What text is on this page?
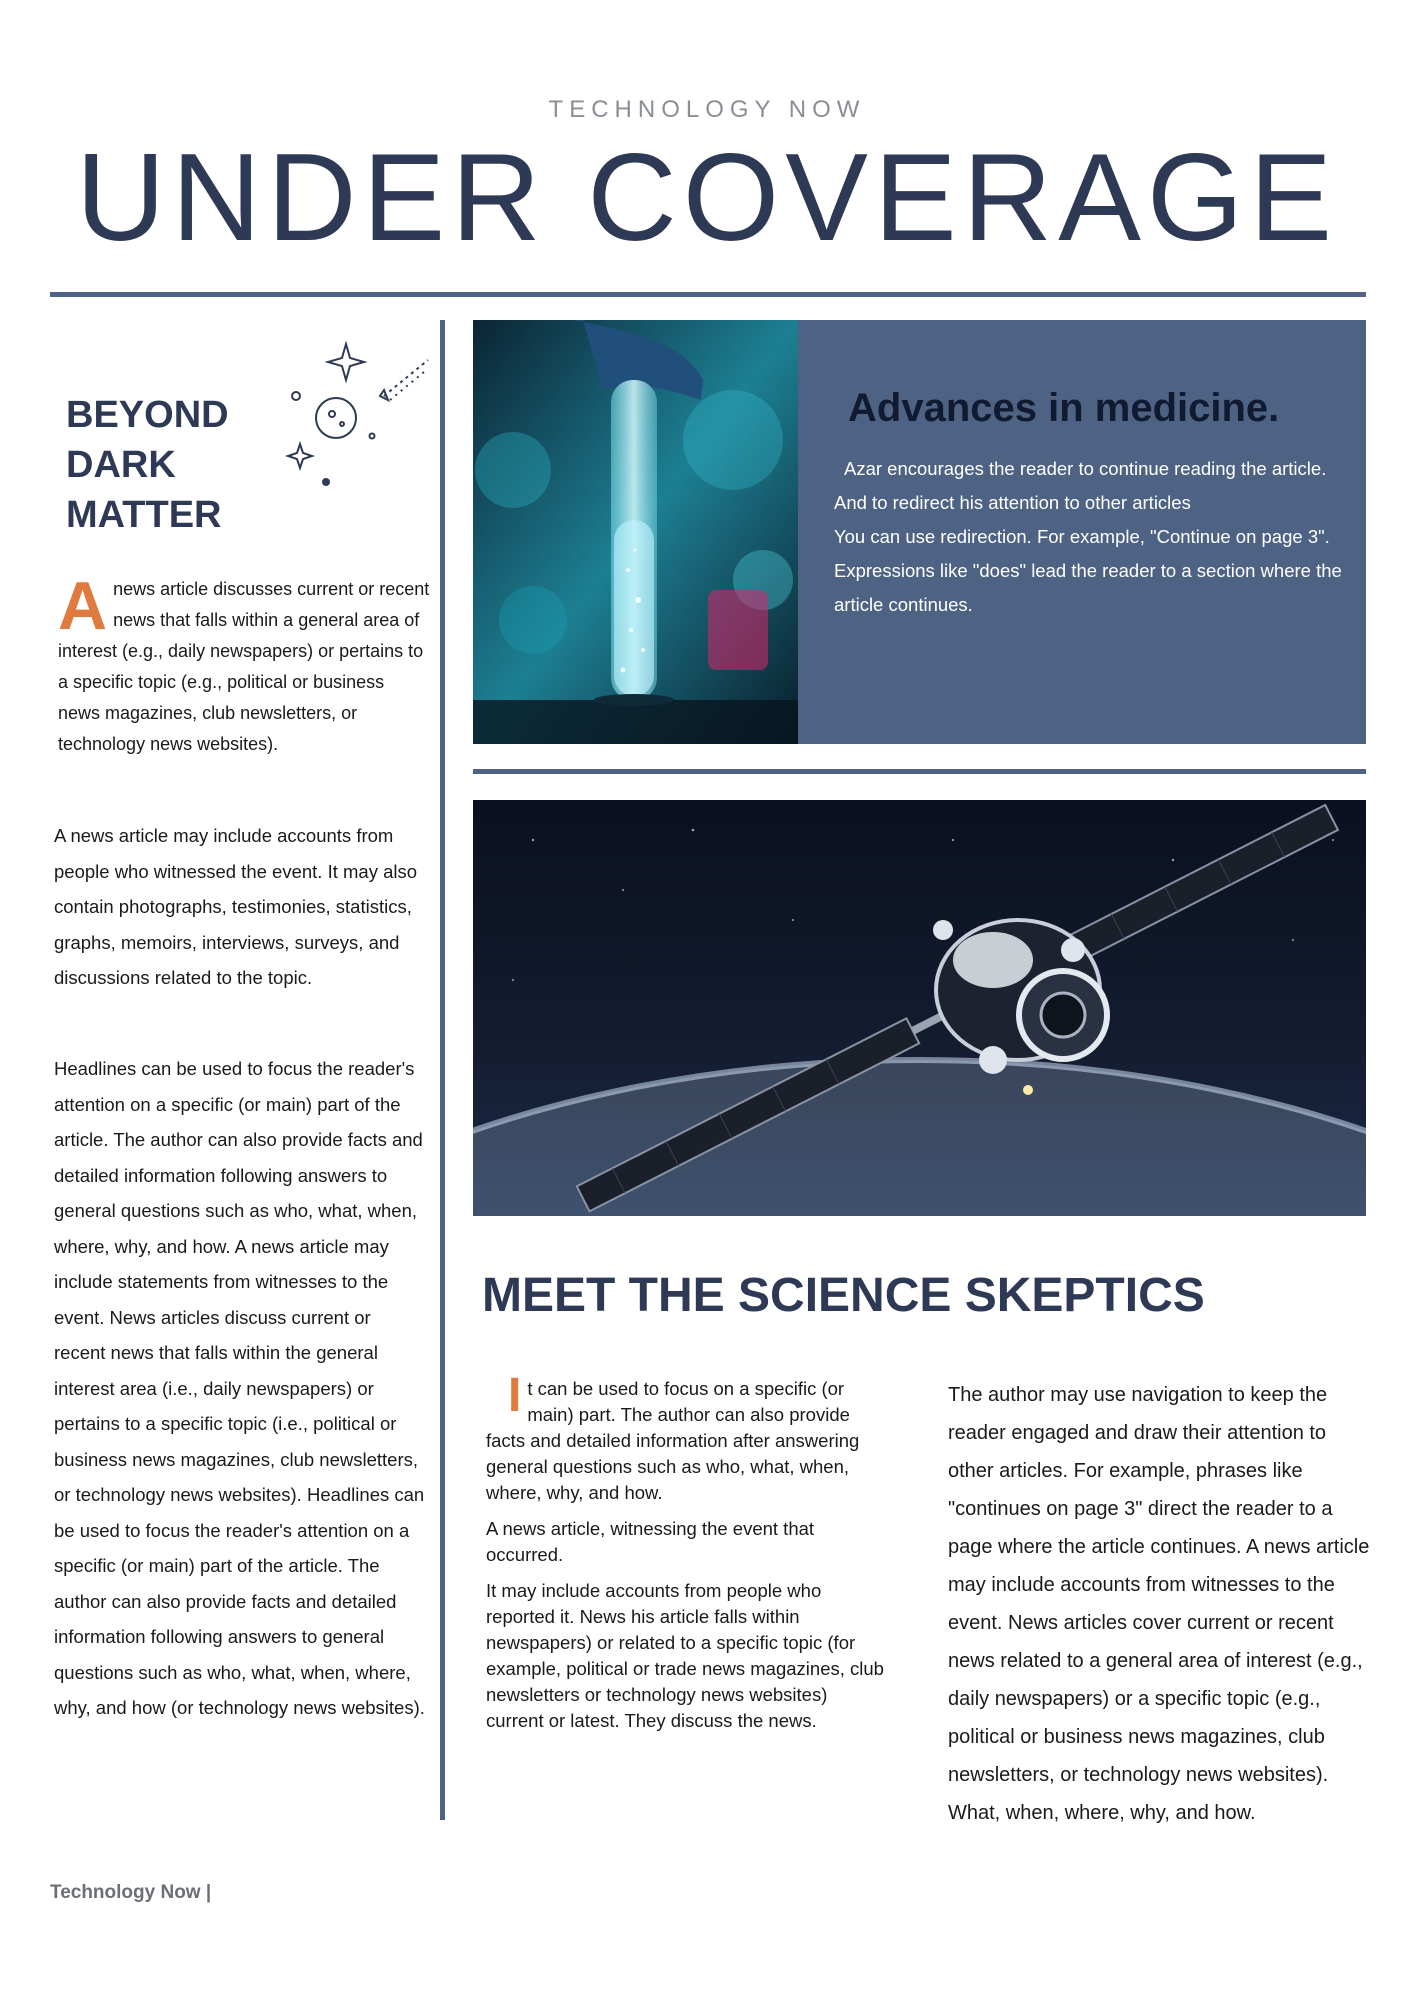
TECHNOLOGY NOW
UNDER COVERAGE
BEYOND
DARK
MATTER
Anews article discusses current or recent news that falls within a general area of interest (e.g., daily newspapers) or pertains to a specific topic (e.g., political or business news magazines, club newsletters, or technology news websites).
A news article may include accounts from people who witnessed the event. It may also contain photographs, testimonies, statistics, graphs, memoirs, interviews, surveys, and discussions related to the topic.
Headlines can be used to focus the reader's attention on a specific (or main) part of the article. The author can also provide facts and detailed information following answers to general questions such as who, what, when, where, why, and how. A news article may include statements from witnesses to the event. News articles discuss current or recent news that falls within the general interest area (i.e., daily newspapers) or pertains to a specific topic (i.e., political or business news magazines, club newsletters, or technology news websites). Headlines can be used to focus the reader's attention on a specific (or main) part of the article. The author can also provide facts and detailed information following answers to general questions such as who, what, when, where, why, and how (or technology news websites).
Advances in medicine.

Azar encourages the reader to continue reading the article.

And to redirect his attention to other articles

You can use redirection. For example, "Continue on page 3".

Expressions like "does" lead the reader to a section where the article continues.

MEET THE SCIENCE SKEPTICS

It can be used to focus on a specific (or main) part. The author can also provide facts and detailed information after answering general questions such as who, what, when, where, why, and how.

A news article, witnessing the event that occurred.

It may include accounts from people who reported it. News his article falls within newspapers) or related to a specific topic (for example, political or trade news magazines, club newsletters or technology news websites) current or latest. They discuss the news.

The author may use navigation to keep the reader engaged and draw their attention to other articles. For example, phrases like "continues on page 3" direct the reader to a page where the article continues. A news article may include accounts from witnesses to the event. News articles cover current or recent news related to a general area of interest (e.g., daily newspapers) or a specific topic (e.g., political or business news magazines, club newsletters, or technology news websites). What, when, where, why, and how.
Technology Now |
